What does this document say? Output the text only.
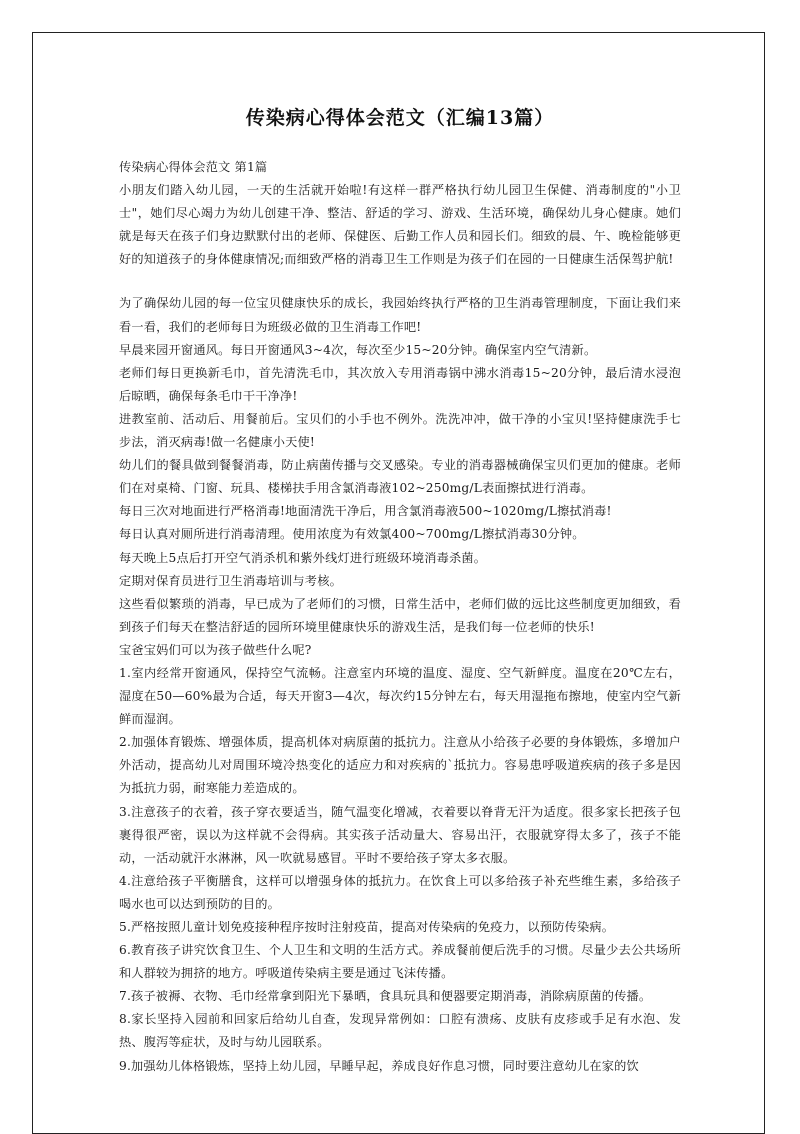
传染病心得体会范文（汇编13篇）

传染病心得体会范文 第1篇

小朋友们踏入幼儿园，一天的生活就开始啦!有这样一群严格执行幼儿园卫生保健、消毒制度的"小卫士"，她们尽心竭力为幼儿创建干净、整洁、舒适的学习、游戏、生活环境，确保幼儿身心健康。她们就是每天在孩子们身边默默付出的老师、保健医、后勤工作人员和园长们。细致的晨、午、晚检能够更好的知道孩子的身体健康情况;而细致严格的消毒卫生工作则是为孩子们在园的一日健康生活保驾护航!

为了确保幼儿园的每一位宝贝健康快乐的成长，我园始终执行严格的卫生消毒管理制度，下面让我们来看一看，我们的老师每日为班级必做的卫生消毒工作吧!

早晨来园开窗通风。每日开窗通风3~4次，每次至少15~20分钟。确保室内空气清新。

老师们每日更换新毛巾，首先清洗毛巾，其次放入专用消毒锅中沸水消毒15~20分钟，最后清水浸泡后晾晒，确保每条毛巾干干净净!

进教室前、活动后、用餐前后。宝贝们的小手也不例外。洗洗冲冲，做干净的小宝贝!坚持健康洗手七步法，消灭病毒!做一名健康小天使!

幼儿们的餐具做到餐餐消毒，防止病菌传播与交叉感染。专业的消毒器械确保宝贝们更加的健康。老师们在对桌椅、门窗、玩具、楼梯扶手用含氯消毒液102~250mg/L表面擦拭进行消毒。

每日三次对地面进行严格消毒!地面清洗干净后，用含氯消毒液500~1020mg/L擦拭消毒!

每日认真对厕所进行消毒清理。使用浓度为有效氯400~700mg/L擦拭消毒30分钟。

每天晚上5点后打开空气消杀机和紫外线灯进行班级环境消毒杀菌。

定期对保育员进行卫生消毒培训与考核。

这些看似繁琐的消毒，早已成为了老师们的习惯，日常生活中，老师们做的远比这些制度更加细致，看到孩子们每天在整洁舒适的园所环境里健康快乐的游戏生活，是我们每一位老师的快乐!

宝爸宝妈们可以为孩子做些什么呢?

1.室内经常开窗通风，保持空气流畅。注意室内环境的温度、湿度、空气新鲜度。温度在20℃左右，湿度在50—60%最为合适，每天开窗3—4次，每次约15分钟左右，每天用湿拖布擦地，使室内空气新鲜而湿润。

2.加强体育锻炼、增强体质，提高机体对病原菌的抵抗力。注意从小给孩子必要的身体锻炼，多增加户外活动，提高幼儿对周围环境冷热变化的适应力和对疾病的`抵抗力。容易患呼吸道疾病的孩子多是因为抵抗力弱，耐寒能力差造成的。

3.注意孩子的衣着，孩子穿衣要适当，随气温变化增减，衣着要以脊背无汗为适度。很多家长把孩子包裹得很严密，误以为这样就不会得病。其实孩子活动量大、容易出汗，衣服就穿得太多了，孩子不能动，一活动就汗水淋淋，风一吹就易感冒。平时不要给孩子穿太多衣服。

4.注意给孩子平衡膳食，这样可以增强身体的抵抗力。在饮食上可以多给孩子补充些维生素，多给孩子喝水也可以达到预防的目的。

5.严格按照儿童计划免疫接种程序按时注射疫苗，提高对传染病的免疫力，以预防传染病。

6.教育孩子讲究饮食卫生、个人卫生和文明的生活方式。养成餐前便后洗手的习惯。尽量少去公共场所和人群较为拥挤的地方。呼吸道传染病主要是通过飞沫传播。

7.孩子被褥、衣物、毛巾经常拿到阳光下暴晒，食具玩具和便器要定期消毒，消除病原菌的传播。

8.家长坚持入园前和回家后给幼儿自查，发现异常例如：口腔有溃疡、皮肤有皮疹或手足有水泡、发热、腹泻等症状，及时与幼儿园联系。

9.加强幼儿体格锻炼，坚持上幼儿园，早睡早起，养成良好作息习惯，同时要注意幼儿在家的饮
